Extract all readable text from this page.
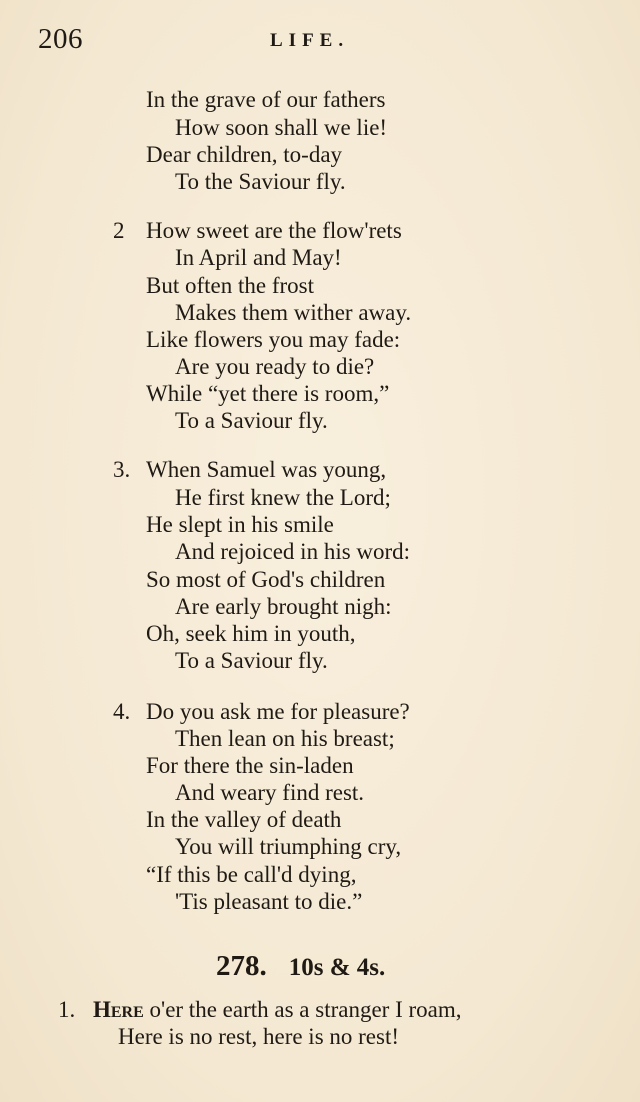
206	LIFE.
In the grave of our fathers
How soon shall we lie!
Dear children, to-day
To the Saviour fly.
2 How sweet are the flow'rets
In April and May!
But often the frost
Makes them wither away.
Like flowers you may fade:
Are you ready to die?
While “yet there is room,”
To a Saviour fly.
3. When Samuel was young,
He first knew the Lord;
He slept in his smile
And rejoiced in his word:
So most of God's children
Are early brought nigh:
Oh, seek him in youth,
To a Saviour fly.
4. Do you ask me for pleasure?
Then lean on his breast;
For there the sin-laden
And weary find rest.
In the valley of death
You will triumphing cry,
“If this be call'd dying,
'Tis pleasant to die.”
278. 10s & 4s.
1. Here o'er the earth as a stranger I roam,
Here is no rest, here is no rest!
